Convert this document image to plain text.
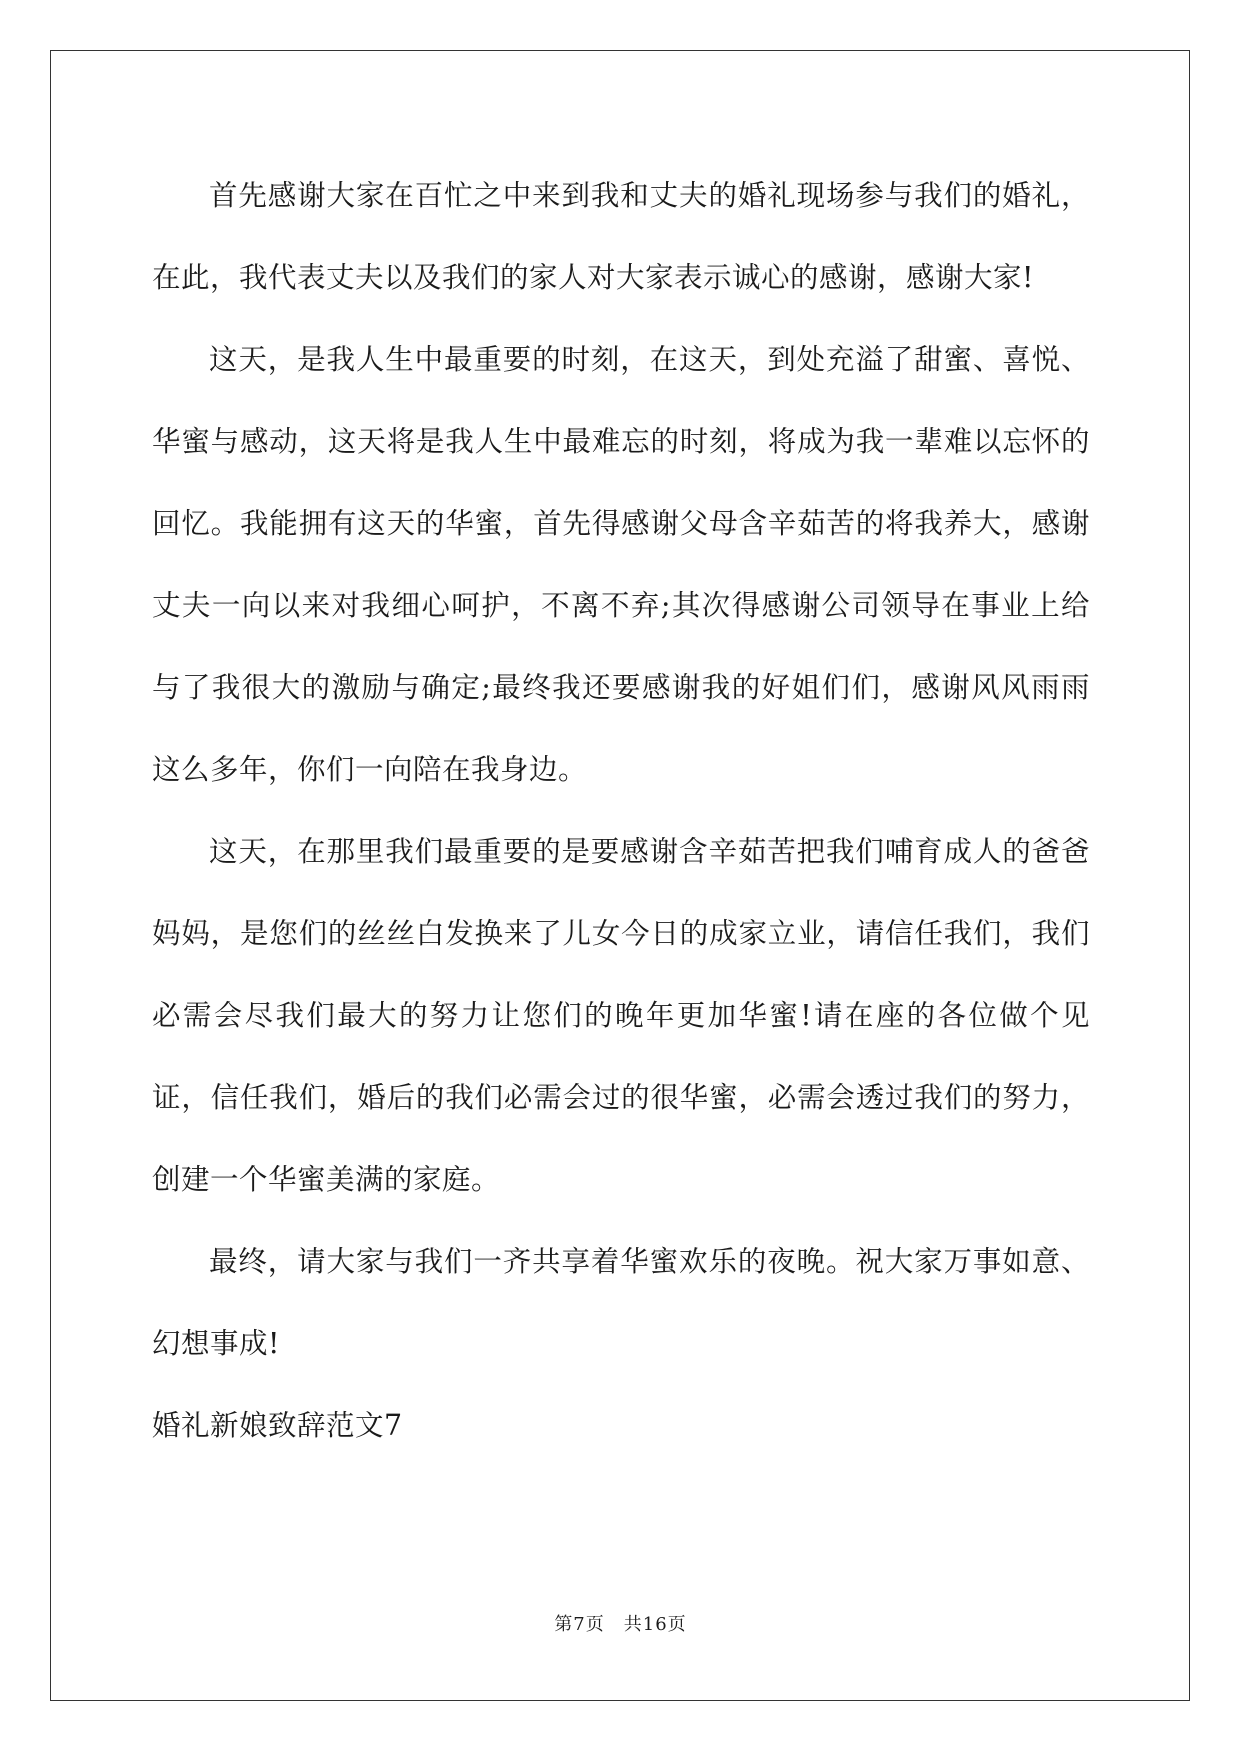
首先感谢大家在百忙之中来到我和丈夫的婚礼现场参与我们的婚礼，在此，我代表丈夫以及我们的家人对大家表示诚心的感谢，感谢大家!

这天，是我人生中最重要的时刻，在这天，到处充溢了甜蜜、喜悦、华蜜与感动，这天将是我人生中最难忘的时刻，将成为我一辈难以忘怀的回忆。我能拥有这天的华蜜，首先得感谢父母含辛茹苦的将我养大，感谢丈夫一向以来对我细心呵护，不离不弃;其次得感谢公司领导在事业上给与了我很大的激励与确定;最终我还要感谢我的好姐们们，感谢风风雨雨这么多年，你们一向陪在我身边。

这天，在那里我们最重要的是要感谢含辛茹苦把我们哺育成人的爸爸妈妈，是您们的丝丝白发换来了儿女今日的成家立业，请信任我们，我们必需会尽我们最大的努力让您们的晚年更加华蜜!请在座的各位做个见证，信任我们，婚后的我们必需会过的很华蜜，必需会透过我们的努力，创建一个华蜜美满的家庭。

最终，请大家与我们一齐共享着华蜜欢乐的夜晚。祝大家万事如意、幻想事成!

婚礼新娘致辞范文7

第7页　共16页
